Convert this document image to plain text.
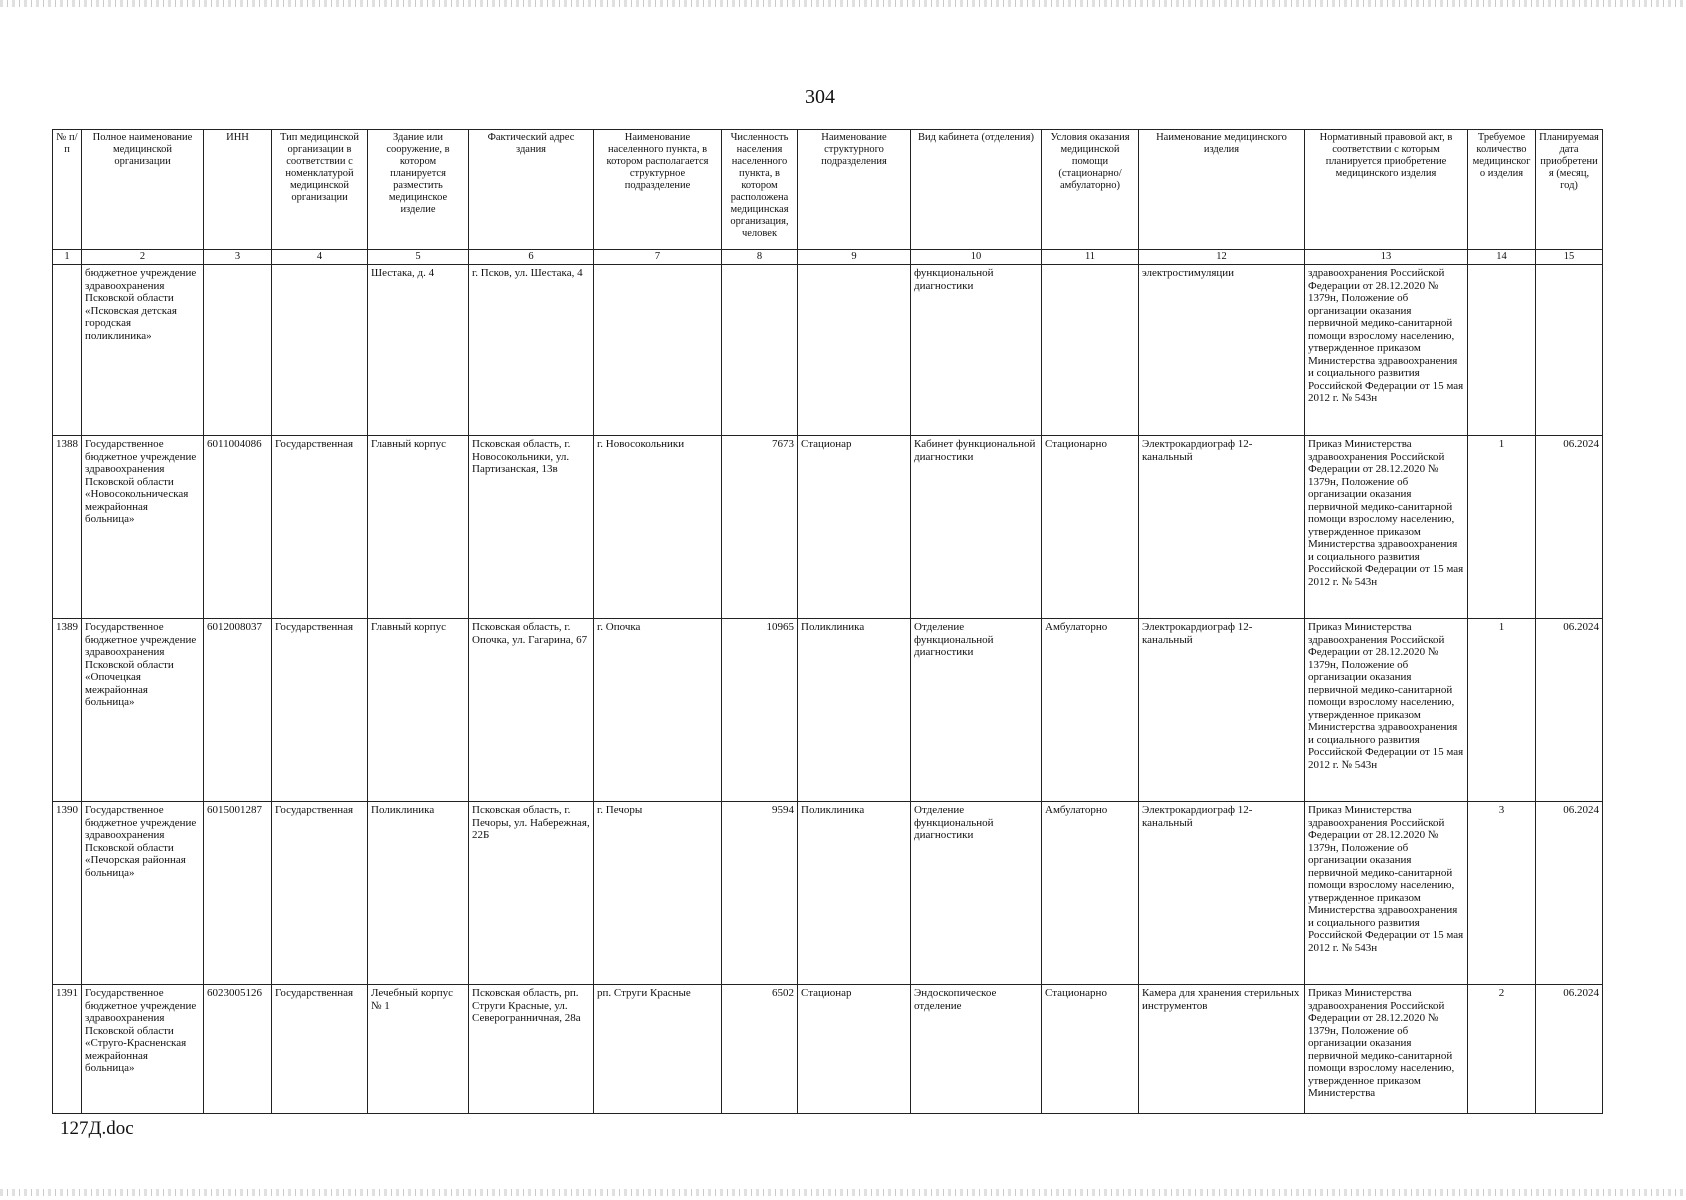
304
№ п/п	Полное наименование медицинской организации	ИНН	Тип медицинской организации в соответствии с номенклатурой медицинской организации	Здание или сооружение, в котором планируется разместить медицинское изделие	Фактический адрес здания	Наименование населенного пункта, в котором располагается структурное подразделение	Численность населения населенного пункта, в котором расположена медицинская организация, человек	Наименование структурного подразделения	Вид кабинета (отделения)	Условия оказания медицинской помощи (стационарно/ амбулаторно)	Наименование медицинского изделия	Нормативный правовой акт, в соответствии с которым планируется приобретение медицинского изделия	Требуемое количество медицинского изделия	Планируемая дата приобретения (месяц, год)
1	2	3	4	5	6	7	8	9	10	11	12	13	14	15
	бюджетное учреждение здравоохранения Псковской области «Псковская детская городская поликлиника»			Шестака, д. 4	г. Псков, ул. Шестака, 4				функциональной диагностики		электростимуляции	здравоохранения Российской Федерации от 28.12.2020 № 1379н, Положение об организации оказания первичной медико-санитарной помощи взрослому населению, утвержденное приказом Министерства здравоохранения и социального развития Российской Федерации от 15 мая 2012 г. № 543н		
1388	Государственное бюджетное учреждение здравоохранения Псковской области «Новосокольническая межрайонная больница»	6011004086	Государственная	Главный корпус	Псковская область, г. Новосокольники, ул. Партизанская, 13в	г. Новосокольники	7673	Стационар	Кабинет функциональной диагностики	Стационарно	Электрокардиограф 12-канальный	Приказ Министерства здравоохранения Российской Федерации от 28.12.2020 № 1379н, Положение об организации оказания первичной медико-санитарной помощи взрослому населению, утвержденное приказом Министерства здравоохранения и социального развития Российской Федерации от 15 мая 2012 г. № 543н	1	06.2024
1389	Государственное бюджетное учреждение здравоохранения Псковской области «Опочецкая межрайонная больница»	6012008037	Государственная	Главный корпус	Псковская область, г. Опочка, ул. Гагарина, 67	г. Опочка	10965	Поликлиника	Отделение функциональной диагностики	Амбулаторно	Электрокардиограф 12-канальный	Приказ Министерства здравоохранения Российской Федерации от 28.12.2020 № 1379н, Положение об организации оказания первичной медико-санитарной помощи взрослому населению, утвержденное приказом Министерства здравоохранения и социального развития Российской Федерации от 15 мая 2012 г. № 543н	1	06.2024
1390	Государственное бюджетное учреждение здравоохранения Псковской области «Печорская районная больница»	6015001287	Государственная	Поликлиника	Псковская область, г. Печоры, ул. Набережная, 22Б	г. Печоры	9594	Поликлиника	Отделение функциональной диагностики	Амбулаторно	Электрокардиограф 12-канальный	Приказ Министерства здравоохранения Российской Федерации от 28.12.2020 № 1379н, Положение об организации оказания первичной медико-санитарной помощи взрослому населению, утвержденное приказом Министерства здравоохранения и социального развития Российской Федерации от 15 мая 2012 г. № 543н	3	06.2024
1391	Государственное бюджетное учреждение здравоохранения Псковской области «Струго-Красненская межрайонная больница»	6023005126	Государственная	Лечебный корпус № 1	Псковская область, рп. Струги Красные, ул. Северогранничная, 28а	рп. Струги Красные	6502	Стационар	Эндоскопическое отделение	Стационарно	Камера для хранения стерильных инструментов	Приказ Министерства здравоохранения Российской Федерации от 28.12.2020 № 1379н, Положение об организации оказания первичной медико-санитарной помощи взрослому населению, утвержденное приказом Министерства	2	06.2024
127Д.doc
